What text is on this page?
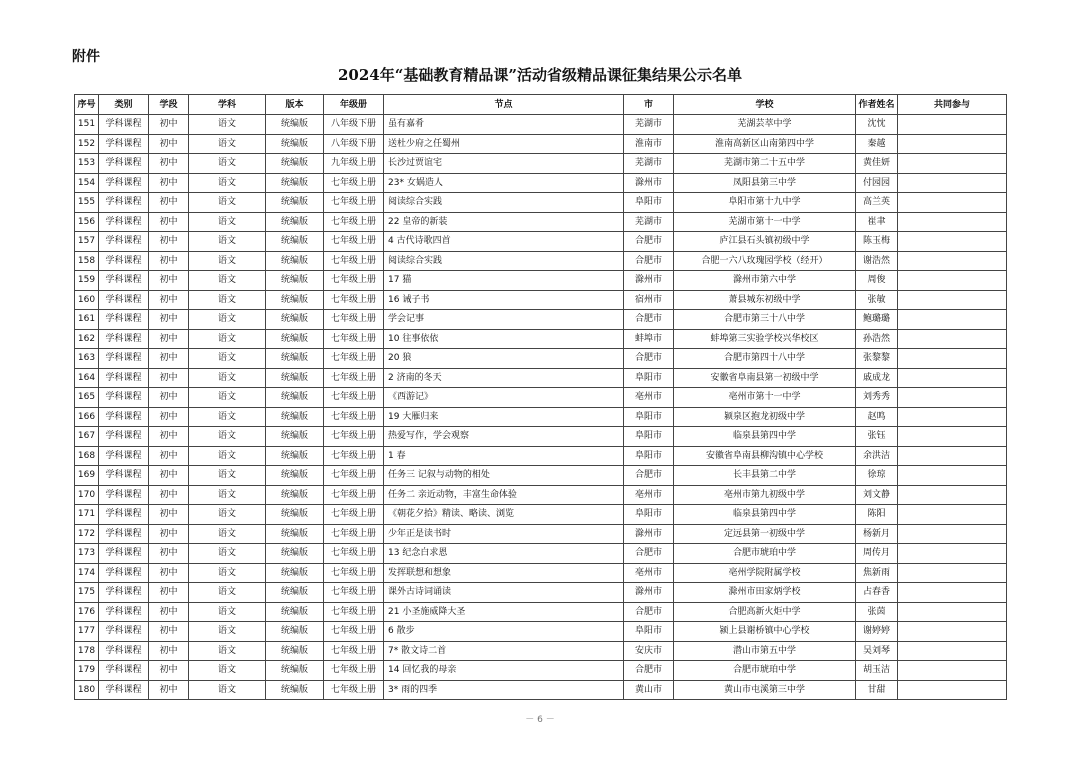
附件
2024年“基础教育精品课”活动省级精品课征集结果公示名单
序号	类别	学段	学科	版本	年级册	节点	市	学校	作者姓名	共同参与
151	学科课程	初中	语文	统编版	八年级下册	虽有嘉肴	芜湖市	芜湖芸萃中学	沈忱	
152	学科课程	初中	语文	统编版	八年级下册	送杜少府之任蜀州	淮南市	淮南高新区山南第四中学	秦越	
153	学科课程	初中	语文	统编版	九年级上册	长沙过贾谊宅	芜湖市	芜湖市第二十五中学	黄佳妍	
154	学科课程	初中	语文	统编版	七年级上册	23* 女娲造人	滁州市	凤阳县第三中学	付园园	
155	学科课程	初中	语文	统编版	七年级上册	阅读综合实践	阜阳市	阜阳市第十九中学	高兰英	
156	学科课程	初中	语文	统编版	七年级上册	22 皇帝的新装	芜湖市	芜湖市第十一中学	崔聿	
157	学科课程	初中	语文	统编版	七年级上册	4 古代诗歌四首	合肥市	庐江县石头镇初级中学	陈玉梅	
158	学科课程	初中	语文	统编版	七年级上册	阅读综合实践	合肥市	合肥一六八玫瑰园学校（经开）	谢浩然	
159	学科课程	初中	语文	统编版	七年级上册	17 猫	滁州市	滁州市第六中学	周俊	
160	学科课程	初中	语文	统编版	七年级上册	16 诫子书	宿州市	萧县城东初级中学	张敏	
161	学科课程	初中	语文	统编版	七年级上册	学会记事	合肥市	合肥市第三十八中学	鲍璐璐	
162	学科课程	初中	语文	统编版	七年级上册	10 往事依依	蚌埠市	蚌埠第三实验学校兴华校区	孙浩然	
163	学科课程	初中	语文	统编版	七年级上册	20 狼	合肥市	合肥市第四十八中学	张黎黎	
164	学科课程	初中	语文	统编版	七年级上册	2 济南的冬天	阜阳市	安徽省阜南县第一初级中学	戚成龙	
165	学科课程	初中	语文	统编版	七年级上册	《西游记》	亳州市	亳州市第十一中学	刘秀秀	
166	学科课程	初中	语文	统编版	七年级上册	19 大雁归来	阜阳市	颍泉区抱龙初级中学	赵鸣	
167	学科课程	初中	语文	统编版	七年级上册	热爱写作，学会观察	阜阳市	临泉县第四中学	张钰	
168	学科课程	初中	语文	统编版	七年级上册	1 春	阜阳市	安徽省阜南县柳沟镇中心学校	余洪洁	
169	学科课程	初中	语文	统编版	七年级上册	任务三 记叙与动物的相处	合肥市	长丰县第二中学	徐琼	
170	学科课程	初中	语文	统编版	七年级上册	任务二 亲近动物，丰富生命体验	亳州市	亳州市第九初级中学	刘文静	
171	学科课程	初中	语文	统编版	七年级上册	《朝花夕拾》精读、略读、浏览	阜阳市	临泉县第四中学	陈阳	
172	学科课程	初中	语文	统编版	七年级上册	少年正是读书时	滁州市	定远县第一初级中学	杨新月	
173	学科课程	初中	语文	统编版	七年级上册	13 纪念白求恩	合肥市	合肥市琥珀中学	周传月	
174	学科课程	初中	语文	统编版	七年级上册	发挥联想和想象	亳州市	亳州学院附属学校	焦新雨	
175	学科课程	初中	语文	统编版	七年级上册	课外古诗词诵读	滁州市	滁州市田家炳学校	占春香	
176	学科课程	初中	语文	统编版	七年级上册	21 小圣施威降大圣	合肥市	合肥高新火炬中学	张茵	
177	学科课程	初中	语文	统编版	七年级上册	6 散步	阜阳市	颍上县谢桥镇中心学校	谢婷婷	
178	学科课程	初中	语文	统编版	七年级上册	7* 散文诗二首	安庆市	潜山市第五中学	吴刘琴	
179	学科课程	初中	语文	统编版	七年级上册	14 回忆我的母亲	合肥市	合肥市琥珀中学	胡玉洁	
180	学科课程	初中	语文	统编版	七年级上册	3* 雨的四季	黄山市	黄山市屯溪第三中学	甘甜	
－ 6 －
